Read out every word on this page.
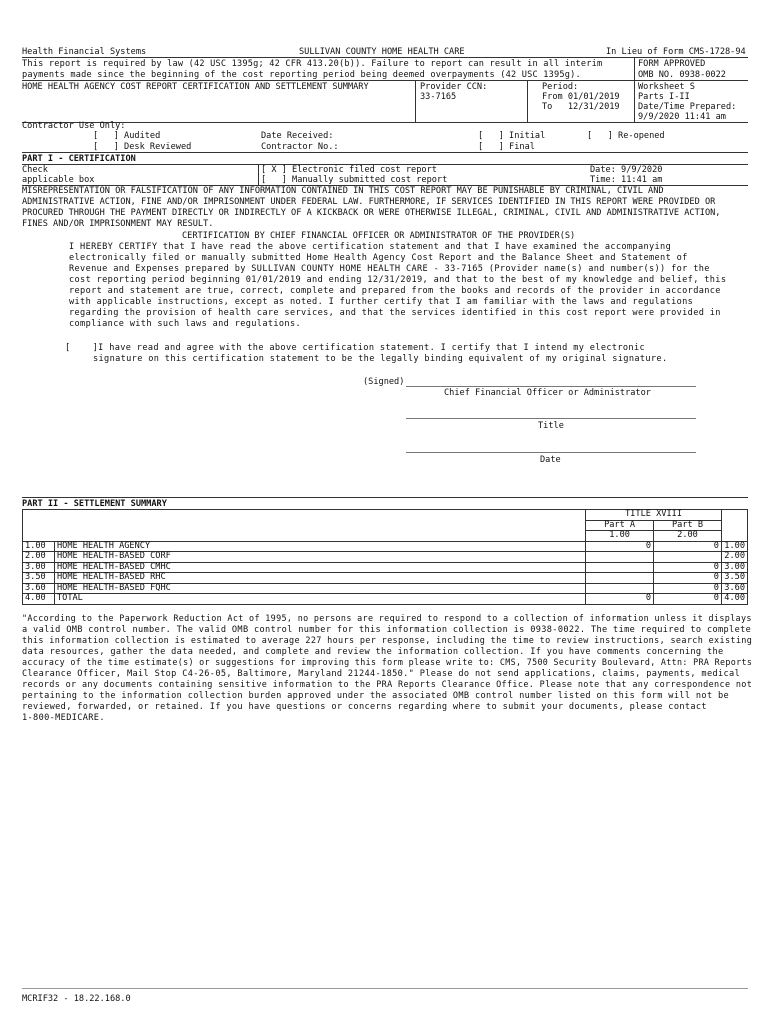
Health Financial Systems	SULLIVAN COUNTY HOME HEALTH CARE	In Lieu of Form CMS-1728-94
This report is required by law (42 USC 1395g; 42 CFR 413.20(b)). Failure to report can result in all interim
payments made since the beginning of the cost reporting period being deemed overpayments (42 USC 1395g).
FORM APPROVED
OMB NO. 0938-0022
HOME HEALTH AGENCY COST REPORT CERTIFICATION AND SETTLEMENT SUMMARY	Provider CCN:
33-7165
Period:
From 01/01/2019
To   12/31/2019
Worksheet S
Parts I-II
Date/Time Prepared:
9/9/2020 11:41 am
Contractor Use Only:
[   ] Audited
[   ] Desk Reviewed
Date Received:
Contractor No.:
[   ] Initial
[   ] Final
[   ] Re-opened
PART I - CERTIFICATION
Check
applicable box
[ X ] Electronic filed cost report
[   ] Manually submitted cost report
Date: 9/9/2020
Time: 11:41 am
MISREPRESENTATION OR FALSIFICATION OF ANY INFORMATION CONTAINED IN THIS COST REPORT MAY BE PUNISHABLE BY CRIMINAL, CIVIL AND
ADMINISTRATIVE ACTION, FINE AND/OR IMPRISONMENT UNDER FEDERAL LAW. FURTHERMORE, IF SERVICES IDENTIFIED IN THIS REPORT WERE PROVIDED OR
PROCURED THROUGH THE PAYMENT DIRECTLY OR INDIRECTLY OF A KICKBACK OR WERE OTHERWISE ILLEGAL, CRIMINAL, CIVIL AND ADMINISTRATIVE ACTION,
FINES AND/OR IMPRISONMENT MAY RESULT.
CERTIFICATION BY CHIEF FINANCIAL OFFICER OR ADMINISTRATOR OF THE PROVIDER(S)
I HEREBY CERTIFY that I have read the above certification statement and that I have examined the accompanying
electronically filed or manually submitted Home Health Agency Cost Report and the Balance Sheet and Statement of
Revenue and Expenses prepared by SULLIVAN COUNTY HOME HEALTH CARE - 33-7165 (Provider name(s) and number(s)) for the
cost reporting period beginning 01/01/2019 and ending 12/31/2019, and that to the best of my knowledge and belief, this
report and statement are true, correct, complete and prepared from the books and records of the provider in accordance
with applicable instructions, except as noted. I further certify that I am familiar with the laws and regulations
regarding the provision of health care services, and that the services identified in this cost report were provided in
compliance with such laws and regulations.
[    ]I have read and agree with the above certification statement. I certify that I intend my electronic
signature on this certification statement to be the legally binding equivalent of my original signature.
(Signed)
Chief Financial Officer or Administrator
Title
Date
PART II - SETTLEMENT SUMMARY
		TITLE XVIII		
		Part A	Part B	
		1.00	2.00	
1.00	HOME HEALTH AGENCY	0	0	1.00
2.00	HOME HEALTH-BASED CORF			2.00
3.00	HOME HEALTH-BASED CMHC		0	3.00
3.50	HOME HEALTH-BASED RHC		0	3.50
3.60	HOME HEALTH-BASED FQHC		0	3.60
4.00	TOTAL	0	0	4.00
"According to the Paperwork Reduction Act of 1995, no persons are required to respond to a collection of information unless it displays
a valid OMB control number. The valid OMB control number for this information collection is 0938-0022. The time required to complete
this information collection is estimated to average 227 hours per response, including the time to review instructions, search existing
data resources, gather the data needed, and complete and review the information collection. If you have comments concerning the
accuracy of the time estimate(s) or suggestions for improving this form please write to: CMS, 7500 Security Boulevard, Attn: PRA Reports
Clearance Officer, Mail Stop C4-26-05, Baltimore, Maryland 21244-1850." Please do not send applications, claims, payments, medical
records or any documents containing sensitive information to the PRA Reports Clearance Office. Please note that any correspondence not
pertaining to the information collection burden approved under the associated OMB control number listed on this form will not be
reviewed, forwarded, or retained. If you have questions or concerns regarding where to submit your documents, please contact
1-800-MEDICARE.
MCRIF32 - 18.22.168.0
